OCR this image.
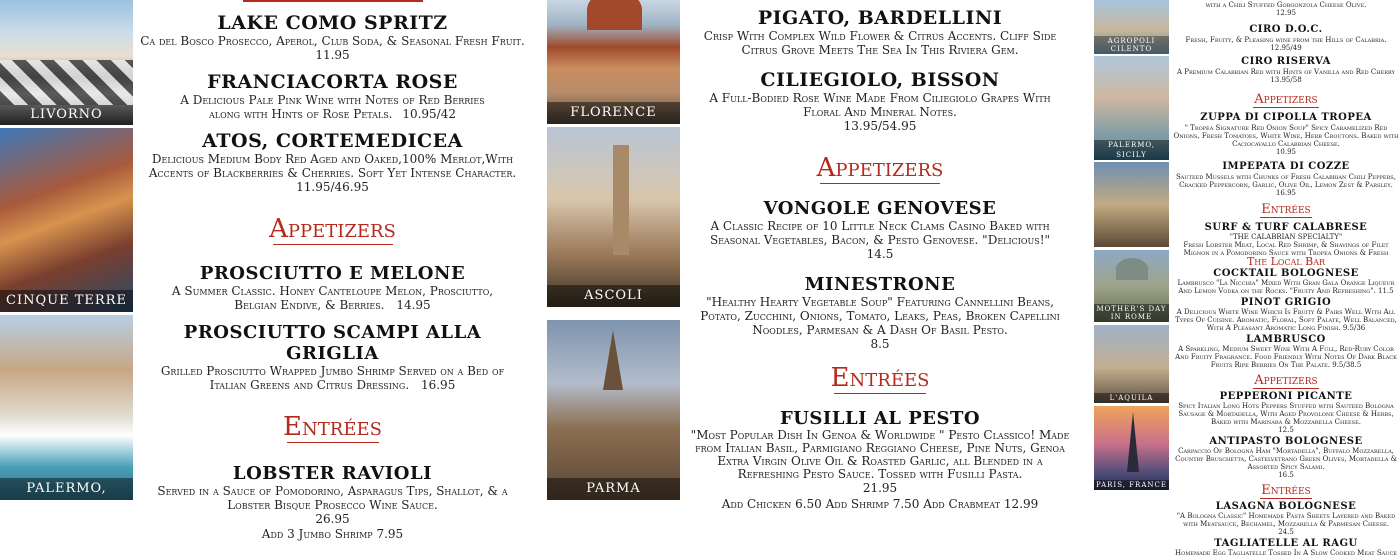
LIVORNO
CINQUE TERRE
PALERMO, SICILY
LAKE COMO SPRITZ
Ca del Bosco Prosecco, Aperol, Club Soda, & Seasonal Fresh Fruit.
11.95
FRANCIACORTA ROSE
A Delicious Pale Pink Wine with Notes of Red Berries along with Hints of Rose Petals. 10.95/42
ATOS, CORTEMEDICEA
Delicious Medium Body Red Aged and Oaked,100% Merlot,With Accents of Blackberries & Cherries. Soft Yet Intense Character.
11.95/46.95
Appetizers
PROSCIUTTO E MELONE
A Summer Classic. Honey Canteloupe Melon, Prosciutto, Belgian Endive, & Berries. 14.95
PROSCIUTTO SCAMPI ALLA GRIGLIA
Grilled Prosciutto Wrapped Jumbo Shrimp Served on a Bed of Italian Greens and Citrus Dressing. 16.95
Entrées
LOBSTER RAVIOLI
Served in a Sauce of Pomodorino, Asparagus Tips, Shallot, & a Lobster Bisque Prosecco Wine Sauce.
26.95
Add 3 Jumbo Shrimp 7.95
FLORENCE
ASCOLI
PARMA
PIGATO, BARDELLINI
Crisp With Complex Wild Flower & Citrus Accents. Cliff Side Citrus Grove Meets The Sea In This Riviera Gem.
CILIEGIOLO, BISSON
A Full-Bodied Rose Wine Made From Ciliegiolo Grapes With Floral And Mineral Notes.
13.95/54.95
Appetizers
VONGOLE GENOVESE
A Classic Recipe of 10 Little Neck Clams Casino Baked with Seasonal Vegetables, Bacon, & Pesto Genovese. "Delicious!"
14.5
MINESTRONE
"Healthy Hearty Vegetable Soup" Featuring Cannellini Beans, Potato, Zucchini, Onions, Tomato, Leaks, Peas, Broken Capellini Noodles, Parmesan & A Dash Of Basil Pesto.
8.5
Entrées
FUSILLI AL PESTO
"Most Popular Dish In Genoa & Worldwide " Pesto Classico! Made from Italian Basil, Parmigiano Reggiano Cheese, Pine Nuts, Genoa Extra Virgin Olive Oil & Roasted Garlic, all Blended in a Refreshing Pesto Sauce. Tossed with Fusilli Pasta.
21.95
Add Chicken 6.50 Add Shrimp 7.50 Add Crabmeat 12.99
AGROPOLI CILENTO
PALERMO, SICILY
MOTHER'S DAY IN ROME
L'AQUILA
PARIS, FRANCE
with a Chili Stuffed Gorgonzola Cheese Olive.
12.95
CIRO D.O.C.
Fresh, Fruity, & Pleasing wine from the Hills of Calabria.
12.95/49
CIRO RISERVA
A Premium Calabrian Red with Hints of Vanilla and Red Cherry
13.95/58
Appetizers
ZUPPA DI CIPOLLA TROPEA
" Tropea Signature Red Onion Soup" Spicy Caramelized Red Onions, Fresh Tomatoes, White Wine, Herb Croutons. Baked with Caciocavallo Calabrian Cheese.
10.95
IMPEPATA DI COZZE
Sauteed Mussels with Chunks of Fresh Calabrian Chili Peppers, Cracked Peppercorn, Garlic, Olive Oil, Lemon Zest & Parsley.
16.95
Entrées
SURF & TURF CALABRESE
"THE CALABRIAN SPECIALTY"
Fresh Lobster Meat, Local Red Shrimp, & Shavings of Filet Mignon in a Pomodorino Sauce with Tropea Onions & Fresh
The Local Bar
COCKTAIL BOLOGNESE
Lambrusco "La Nicchia" Mixed With Gran Gala Orange Liqueur And Lemon Vodka on the Rocks. "Fruity And Refreshing". 11.5
PINOT GRIGIO
A Delicious White Wine Which Is Fruity & Pairs Well With All Types Of Cuisine. Aromatic, Floral, Soft Palate, Well Balanced, With A Pleasant Aromatic Long Finish. 9.5/36
LAMBRUSCO
A Sparkling, Medium Sweet Wine With A Full, Red-Ruby Color And Fruity Fragrance. Food Friendly With Notes Of Dark Black Fruits Ripe Berries On The Palate. 9.5/38.5
Appetizers
PEPPERONI PICANTE
Spicy Italian Long Hots Peppers Stuffed with Sauteed Bologna Sausage & Mortadella, With Aged Provolone Cheese & Herbs, Baked with Marinara & Mozzarella Cheese.
12.5
ANTIPASTO BOLOGNESE
Carpaccio Of Bologna Ham "Mortadella", Buffalo Mozzarella, Country Bruschetta, Castelvetrano Green Olives, Mortadella & Assorted Spicy Salami.
16.5
Entrées
LASAGNA BOLOGNESE
"A Bologna Classic" Homemade Pasta Sheets Layered and Baked with Meatsauce, Bechamel, Mozzarella & Parmesan Cheese.
24.5
TAGLIATELLE AL RAGU
Homemade Egg Tagliatelle Tossed In A Slow Cooked Meat Sauce
